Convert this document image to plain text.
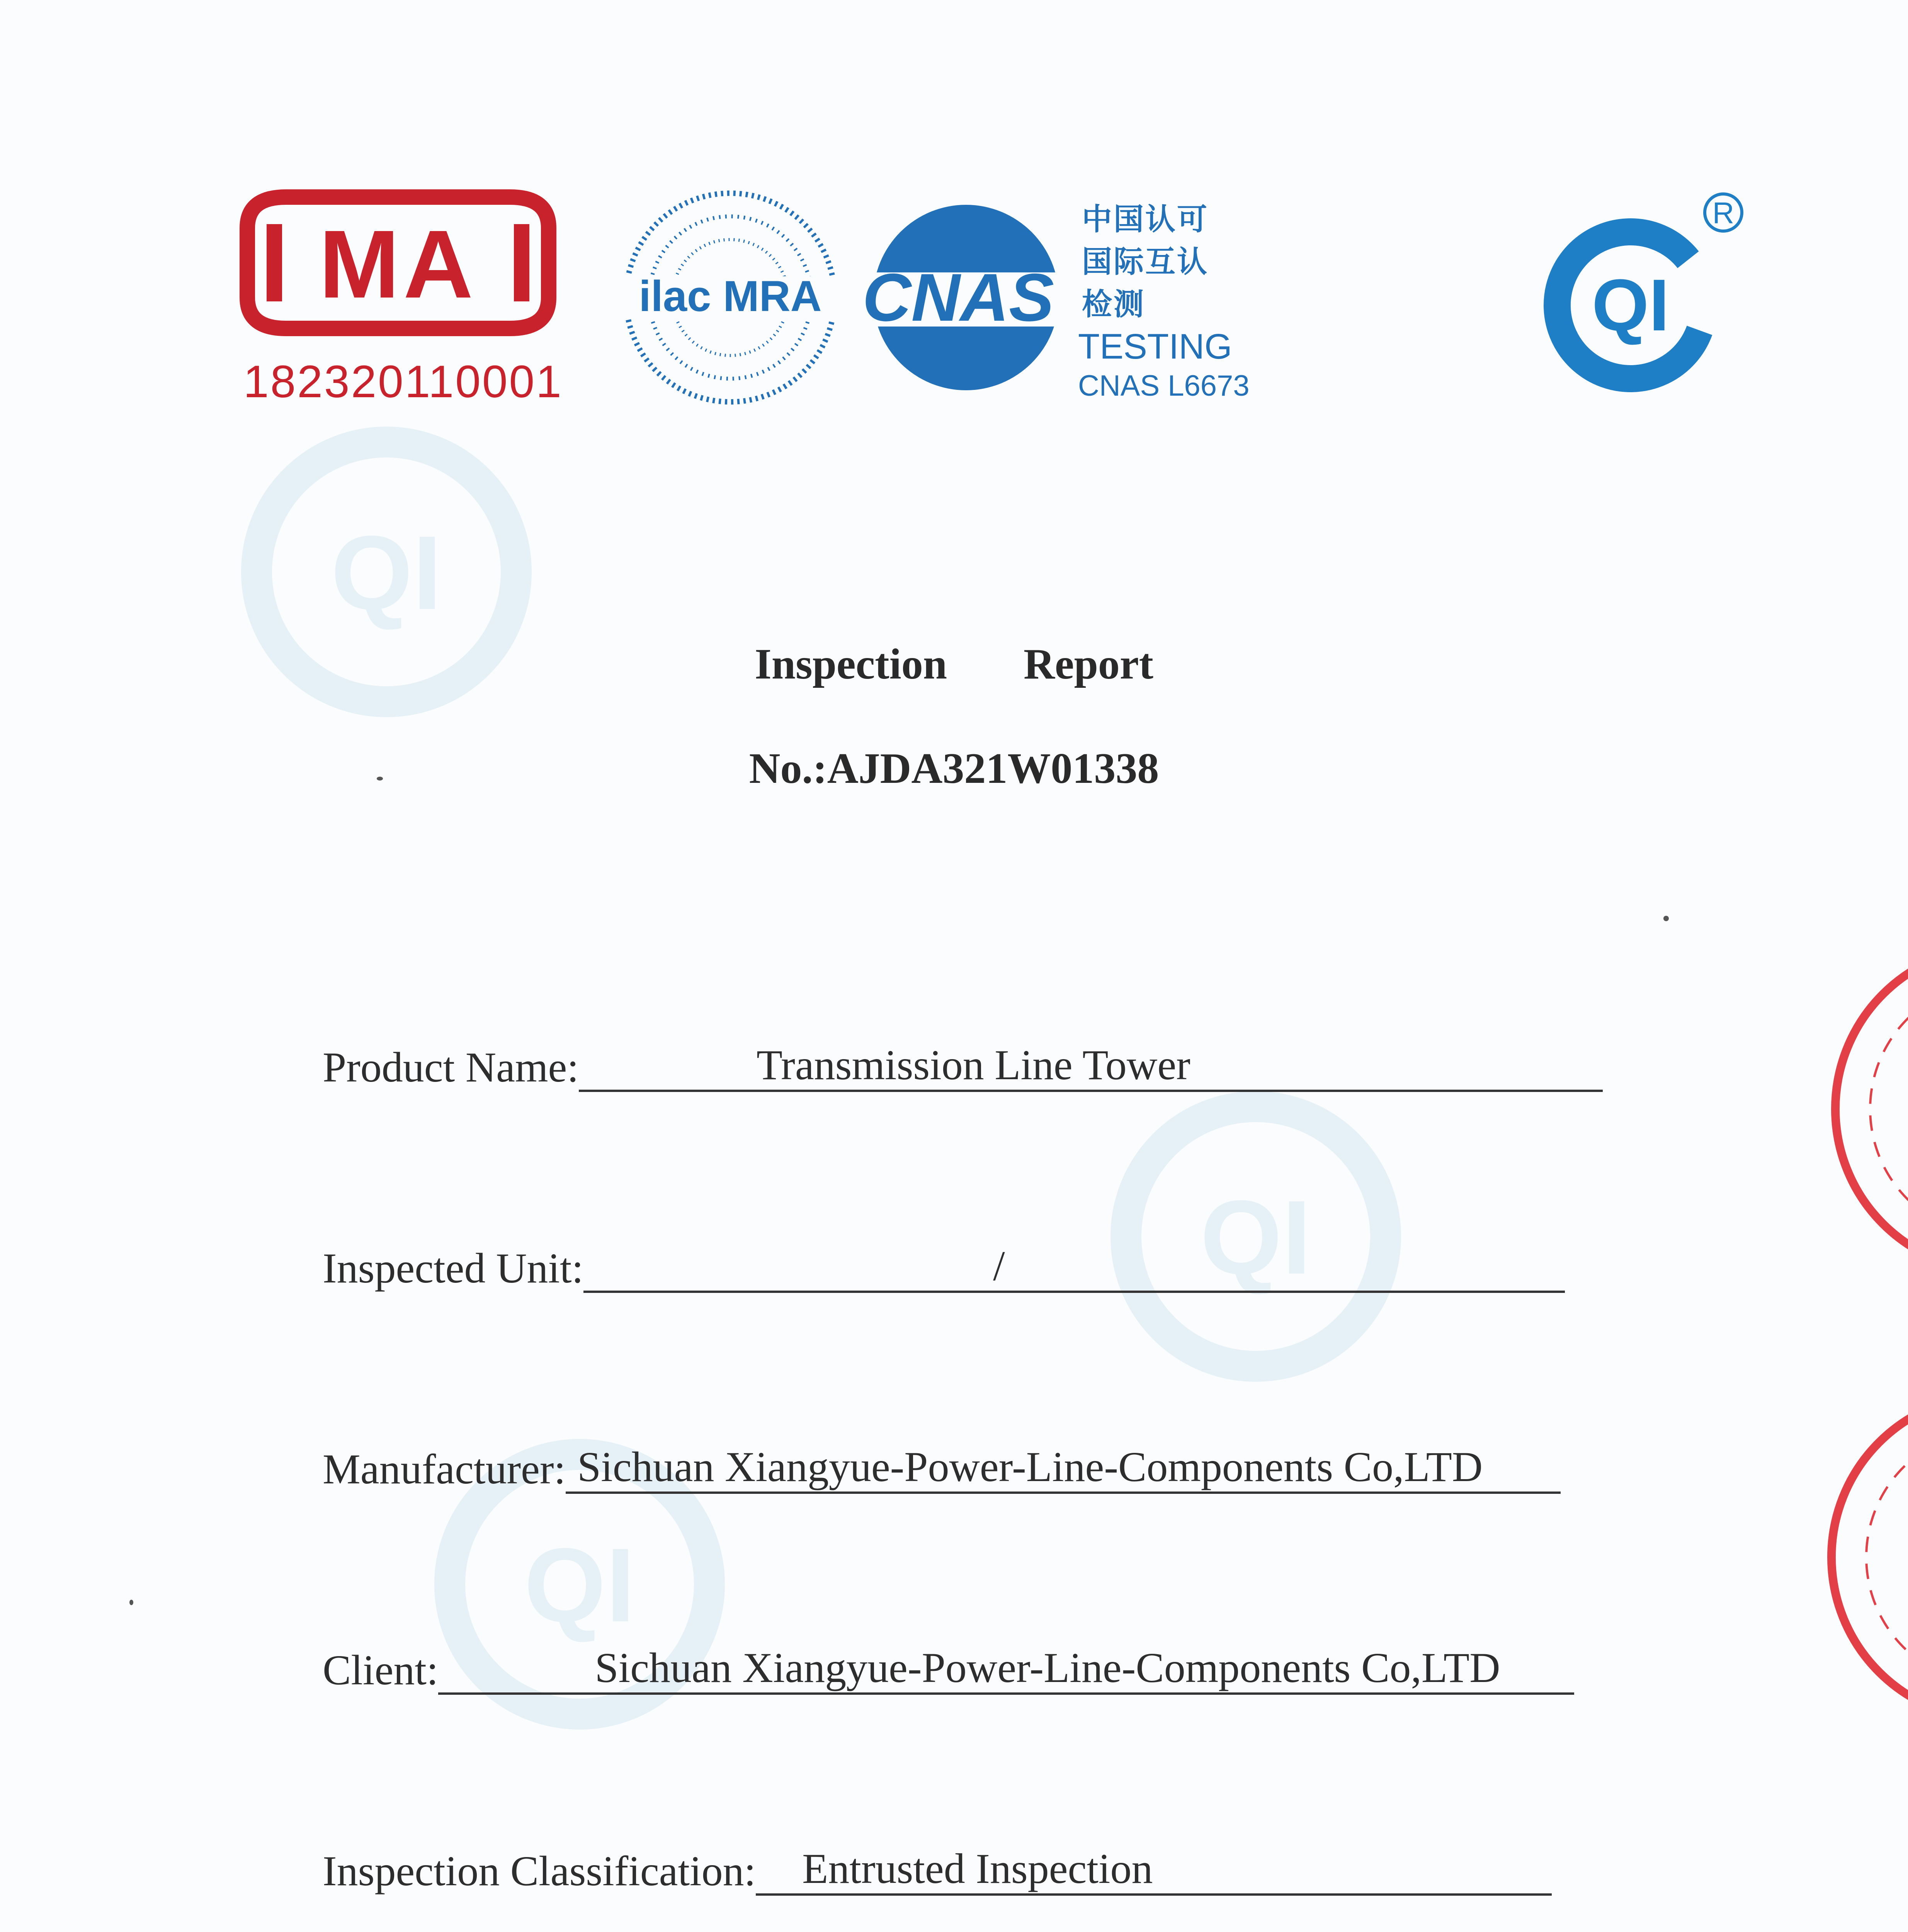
QI
QI
QI
MA
182320110001
ilac MRA CNAS
中国认可
国际互认
检测
TESTING
CNAS L6673
QI
R
Inspection Report
No.:AJDA321W01338
Product Name:	Transmission Line Tower
Inspected Unit:	/
Manufacturer: Sichuan Xiangyue-Power-Line-Components Co,LTD
Client:	Sichuan Xiangyue-Power-Line-Components Co,LTD
Inspection Classification: Entrusted Inspection
